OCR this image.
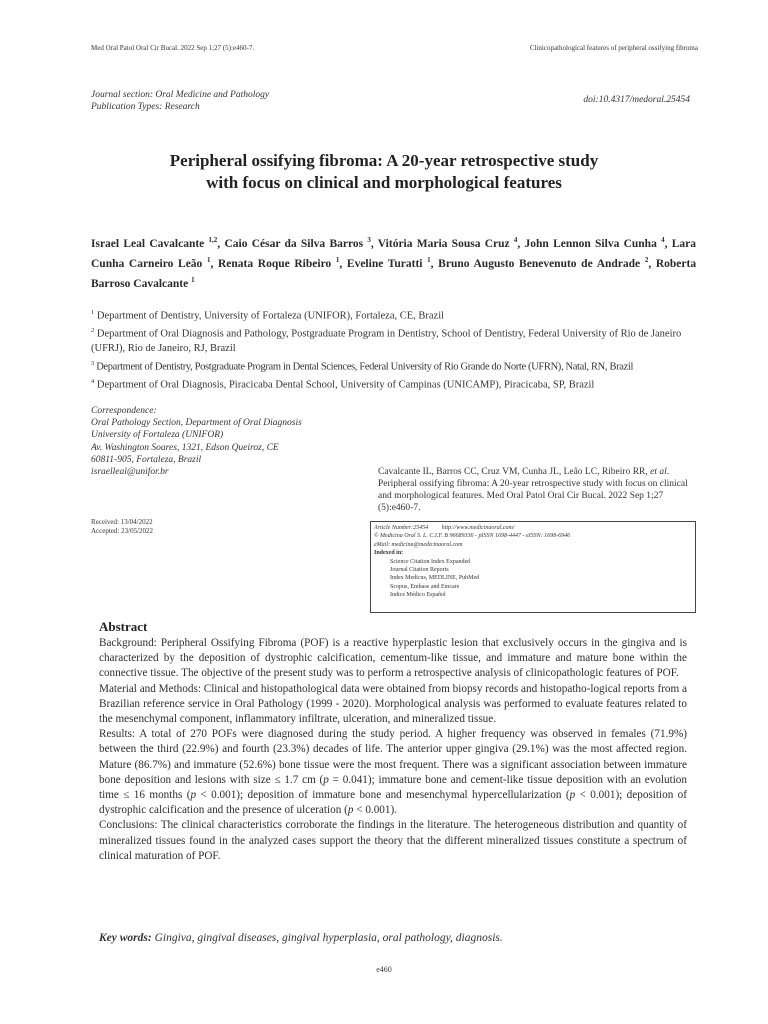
Med Oral Patol Oral Cir Bucal. 2022 Sep 1;27 (5):e460-7.	Clinicopathological features of peripheral ossifying fibroma
Journal section: Oral Medicine and Pathology
Publication Types: Research
doi:10.4317/medoral.25454
Peripheral ossifying fibroma: A 20-year retrospective study
with focus on clinical and morphological features
Israel Leal Cavalcante $^{1,2}$, Caio César da Silva Barros $^3$, Vitória Maria Sousa Cruz $^4$, John Lennon Silva Cunha $^4$, Lara Cunha Carneiro Leão $^1$, Renata Roque Ribeiro $^1$, Eveline Turatti $^1$, Bruno Augusto Benevenuto de Andrade $^2$, Roberta Barroso Cavalcante $^1$

$^1$ Department of Dentistry, University of Fortaleza (UNIFOR), Fortaleza, CE, Brazil

$^2$ Department of Oral Diagnosis and Pathology, Postgraduate Program in Dentistry, School of Dentistry, Federal University of Rio de Janeiro (UFRJ), Rio de Janeiro, RJ, Brazil

$^3$ Department of Dentistry, Postgraduate Program in Dental Sciences, Federal University of Rio Grande do Norte (UFRN), Natal, RN, Brazil

$^4$ Department of Oral Diagnosis, Piracicaba Dental School, University of Campinas (UNICAMP), Piracicaba, SP, Brazil

Correspondence:
Oral Pathology Section, Department of Oral Diagnosis
University of Fortaleza (UNIFOR)
Av. Washington Soares, 1321, Edson Queiroz, CE
60811-905, Fortaleza, Brazil
israelleal@unifor.br
Received: 13/04/2022
Accepted: 23/05/2022
Cavalcante IL, Barros CC, Cruz VM, Cunha JL, Leão LC, Ribeiro RR, et al. Peripheral ossifying fibroma: A 20-year retrospective study with focus on clinical and morphological features. Med Oral Patol Oral Cir Bucal. 2022 Sep 1;27 (5):e460-7.
Article Number:25454 http://www.medicinaoral.com/
© Medicina Oral S. L. C.I.F. B 96689336 - pISSN 1698-4447 - eISSN: 1698-6946
eMail: medicina@medicinaoral.com
Indexed in:
Science Citation Index Expanded
Journal Citation Reports
Index Medicus, MEDLINE, PubMed
Scopus, Embase and Emcare
Indice Médico Español
Abstract

Background: Peripheral Ossifying Fibroma (POF) is a reactive hyperplastic lesion that exclusively occurs in the gingiva and is characterized by the deposition of dystrophic calcification, cementum-like tissue, and immature and mature bone within the connective tissue. The objective of the present study was to perform a retrospective analysis of clinicopathologic features of POF.

Material and Methods: Clinical and histopathological data were obtained from biopsy records and histopatho-logical reports from a Brazilian reference service in Oral Pathology (1999 - 2020). Morphological analysis was performed to evaluate features related to the mesenchymal component, inflammatory infiltrate, ulceration, and mineralized tissue.

Results: A total of 270 POFs were diagnosed during the study period. A higher frequency was observed in females (71.9%) between the third (22.9%) and fourth (23.3%) decades of life. The anterior upper gingiva (29.1%) was the most affected region. Mature (86.7%) and immature (52.6%) bone tissue were the most frequent. There was a significant association between immature bone deposition and lesions with size ≤ 1.7 cm (p = 0.041); immature bone and cement-like tissue deposition with an evolution time ≤ 16 months (p < 0.001); deposition of immature bone and mesenchymal hypercellularization (p < 0.001); deposition of dystrophic calcification and the presence of ulceration (p < 0.001).

Conclusions: The clinical characteristics corroborate the findings in the literature. The heterogeneous distribution and quantity of mineralized tissues found in the analyzed cases support the theory that the different mineralized tissues constitute a spectrum of clinical maturation of POF.

Key words: Gingiva, gingival diseases, gingival hyperplasia, oral pathology, diagnosis.
e460
